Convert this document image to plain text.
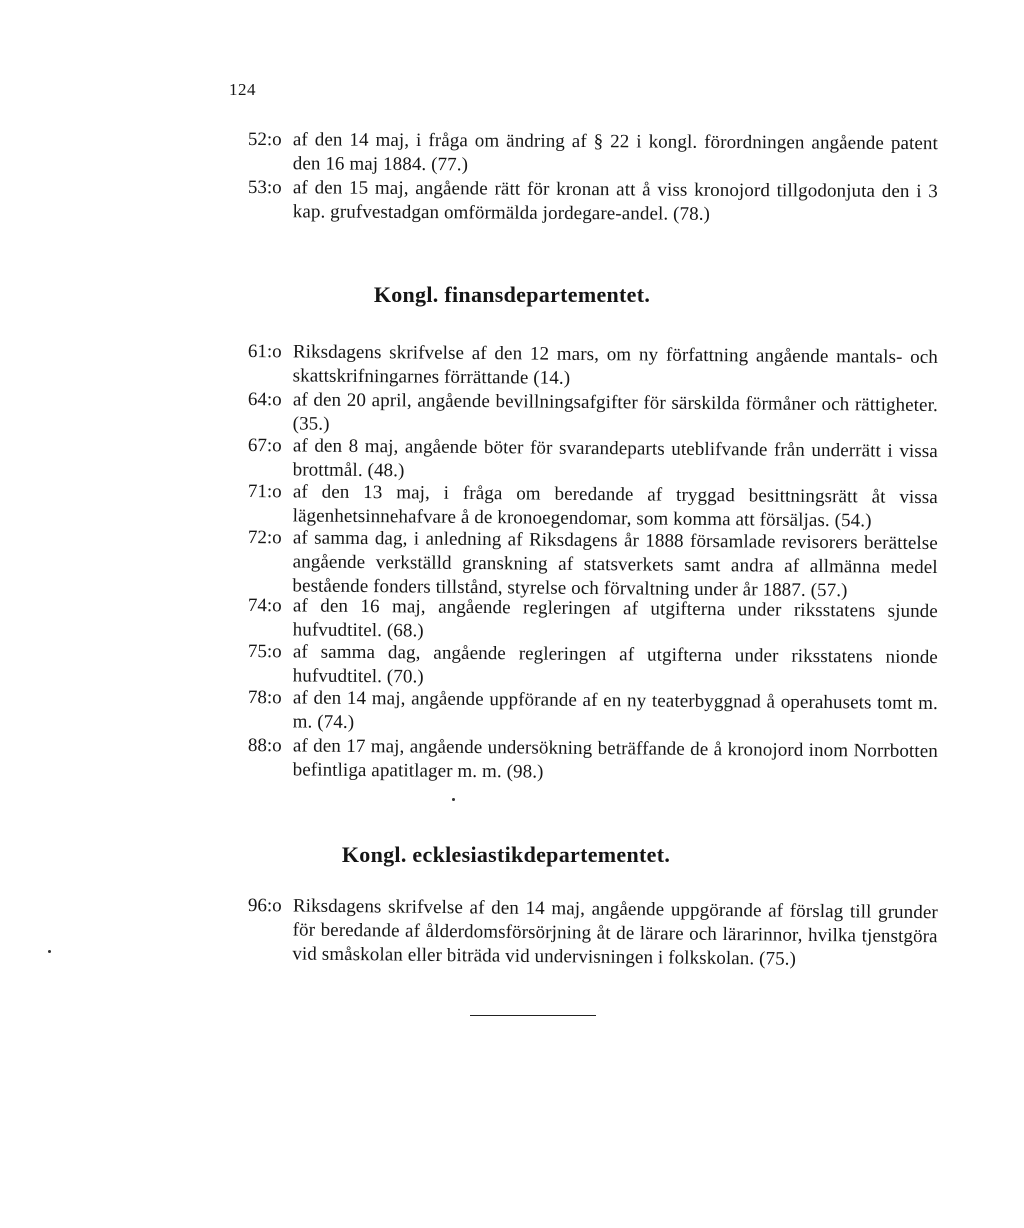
124
52:o af den 14 maj, i fråga om ändring af § 22 i kongl. förordningen angående patent den 16 maj 1884. (77.)
53:o af den 15 maj, angående rätt för kronan att å viss kronojord tillgodonjuta den i 3 kap. grufvestadgan omförmälda jordegare-andel. (78.)
Kongl. finansdepartementet.
61:o Riksdagens skrifvelse af den 12 mars, om ny författning angående mantals- och skattskrifningarnes förrättande (14.)
64:o af den 20 april, angående bevillningsafgifter för särskilda förmåner och rättigheter. (35.)
67:o af den 8 maj, angående böter för svarandeparts uteblifvande från underrätt i vissa brottmål. (48.)
71:o af den 13 maj, i fråga om beredande af tryggad besittningsrätt åt vissa lägenhetsinnehafvare å de kronoegendomar, som komma att försäljas. (54.)
72:o af samma dag, i anledning af Riksdagens år 1888 församlade revisorers berättelse angående verkställd granskning af statsverkets samt andra af allmänna medel bestående fonders tillstånd, styrelse och förvaltning under år 1887. (57.)
74:o af den 16 maj, angående regleringen af utgifterna under riksstatens sjunde hufvudtitel. (68.)
75:o af samma dag, angående regleringen af utgifterna under riksstatens nionde hufvudtitel. (70.)
78:o af den 14 maj, angående uppförande af en ny teaterbyggnad å operahusets tomt m. m. (74.)
88:o af den 17 maj, angående undersökning beträffande de å kronojord inom Norrbotten befintliga apatitlager m. m. (98.)
Kongl. ecklesiastikdepartementet.
96:o Riksdagens skrifvelse af den 14 maj, angående uppgörande af förslag till grunder för beredande af ålderdomsförsörjning åt de lärare och lärarinnor, hvilka tjenstgöra vid småskolan eller biträda vid undervisningen i folkskolan. (75.)
